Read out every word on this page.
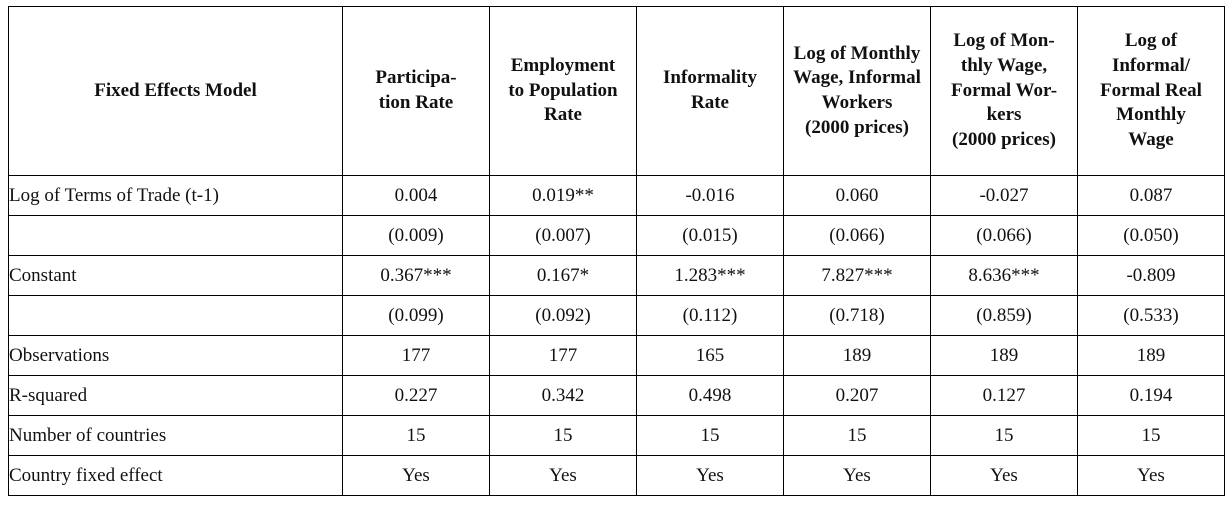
Fixed Effects Model	Participa-
tion Rate	Employment
to Population
Rate	Informality
Rate	Log of Monthly
Wage, Informal
Workers
(2000 prices)	Log of Mon-
thly Wage,
Formal Wor-
kers
(2000 prices)	Log of
Informal/
Formal Real
Monthly
Wage
Log of Terms of Trade (t-1)	0.004	0.019**	-0.016	0.060	-0.027	0.087
	(0.009)	(0.007)	(0.015)	(0.066)	(0.066)	(0.050)
Constant	0.367***	0.167*	1.283***	7.827***	8.636***	-0.809
	(0.099)	(0.092)	(0.112)	(0.718)	(0.859)	(0.533)
Observations	177	177	165	189	189	189
R-squared	0.227	0.342	0.498	0.207	0.127	0.194
Number of countries	15	15	15	15	15	15
Country fixed effect	Yes	Yes	Yes	Yes	Yes	Yes
